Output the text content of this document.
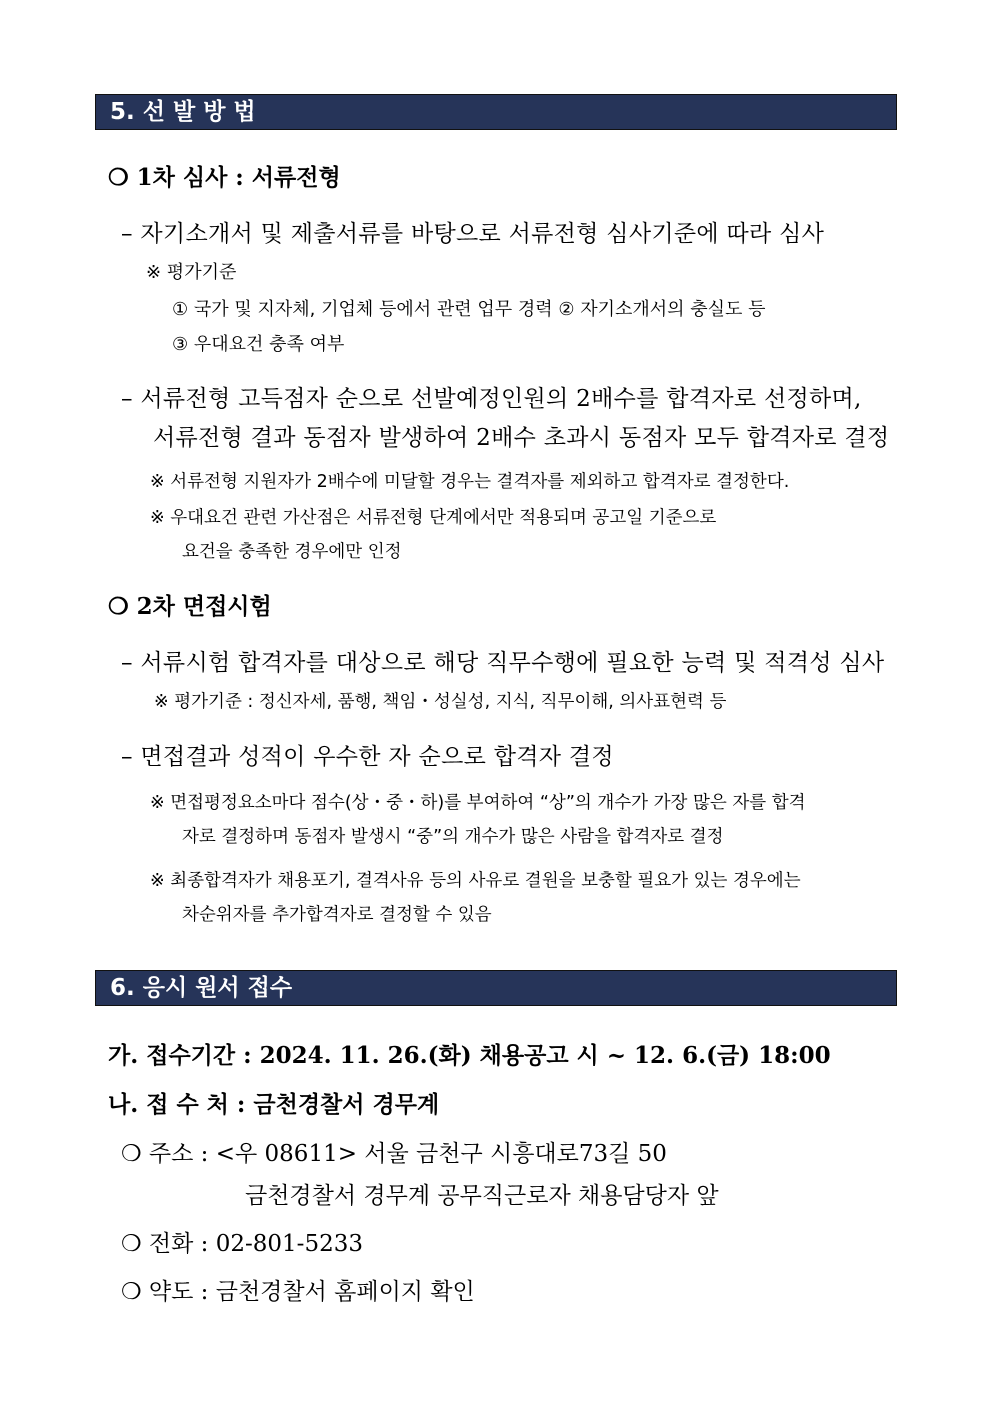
5. 선 발 방 법
❍ 1차 심사 : 서류전형
– 자기소개서 및 제출서류를 바탕으로 서류전형 심사기준에 따라 심사
※ 평가기준
① 국가 및 지자체, 기업체 등에서 관련 업무 경력 ② 자기소개서의 충실도 등
③ 우대요건 충족 여부
– 서류전형 고득점자 순으로 선발예정인원의 2배수를 합격자로 선정하며,
서류전형 결과 동점자 발생하여 2배수 초과시 동점자 모두 합격자로 결정
※ 서류전형 지원자가 2배수에 미달할 경우는 결격자를 제외하고 합격자로 결정한다.
※ 우대요건 관련 가산점은 서류전형 단계에서만 적용되며 공고일 기준으로
요건을 충족한 경우에만 인정
❍ 2차 면접시험
– 서류시험 합격자를 대상으로 해당 직무수행에 필요한 능력 및 적격성 심사
※ 평가기준 : 정신자세, 품행, 책임・성실성, 지식, 직무이해, 의사표현력 등
– 면접결과 성적이 우수한 자 순으로 합격자 결정
※ 면접평정요소마다 점수(상・중・하)를 부여하여 “상”의 개수가 가장 많은 자를 합격
자로 결정하며 동점자 발생시 “중”의 개수가 많은 사람을 합격자로 결정
※ 최종합격자가 채용포기, 결격사유 등의 사유로 결원을 보충할 필요가 있는 경우에는
차순위자를 추가합격자로 결정할 수 있음
6. 응시 원서 접수
가. 접수기간 : 2024. 11. 26.(화) 채용공고 시 ~ 12. 6.(금) 18:00
나. 접 수 처 : 금천경찰서 경무계
❍ 주소 : <우 08611> 서울 금천구 시흥대로73길 50
금천경찰서 경무계 공무직근로자 채용담당자 앞
❍ 전화 : 02-801-5233
❍ 약도 : 금천경찰서 홈페이지 확인
